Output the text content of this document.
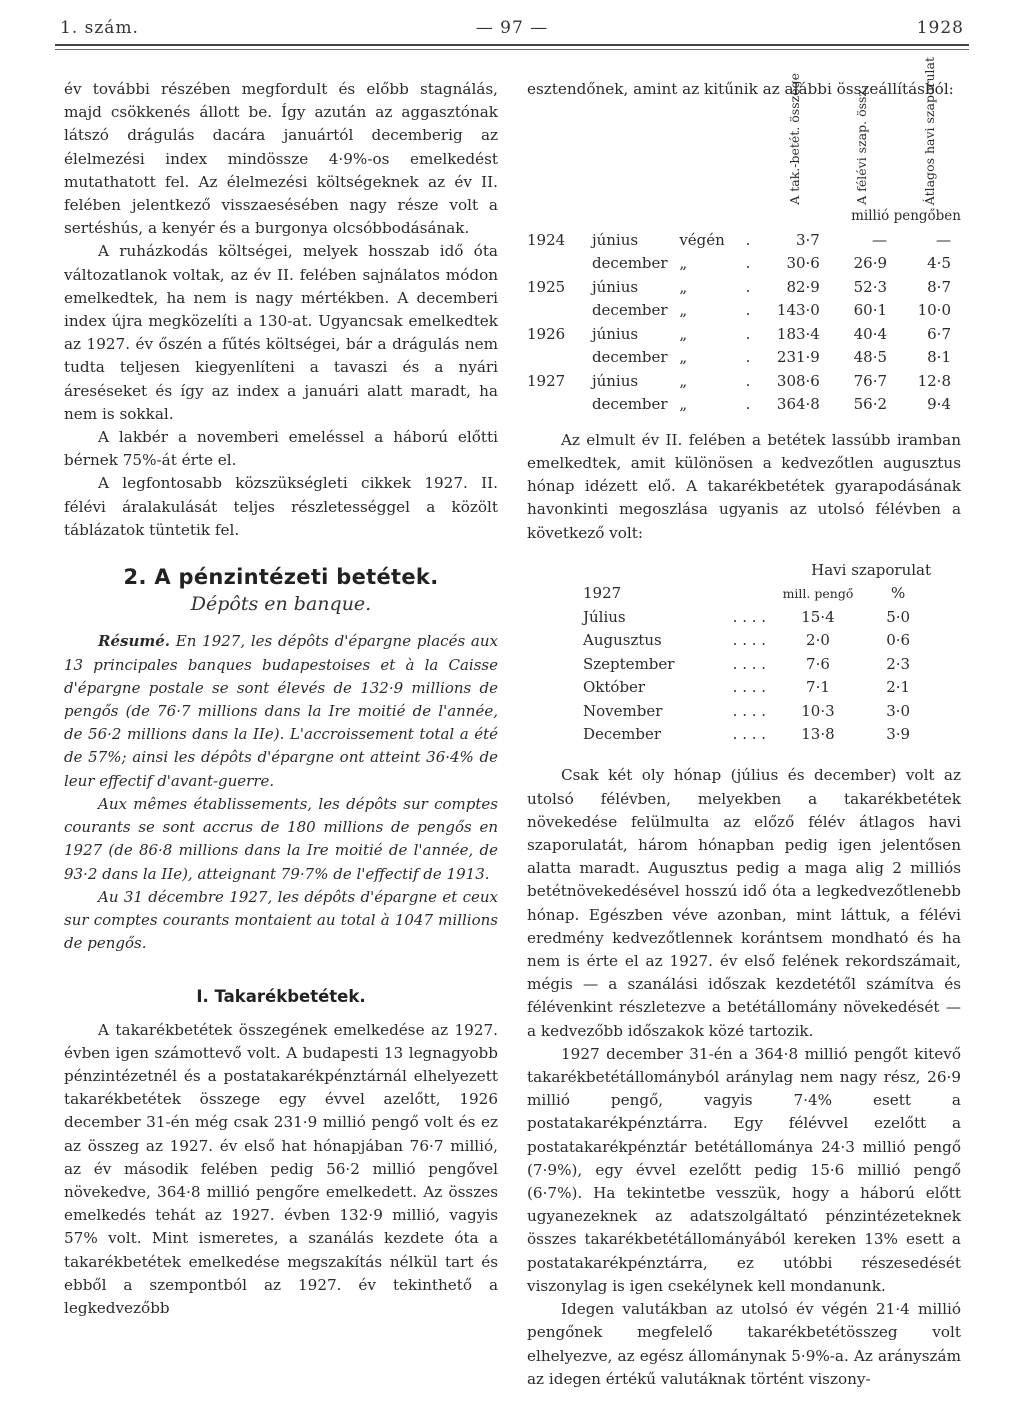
1. szám.	— 97 —	1928

év további részében megfordult és előbb stagnálás, majd csökkenés állott be. Így azután az aggasztónak látszó drágulás dacára januártól decemberig az élelmezési index mindössze 4·9%-os emelkedést mutathatott fel. Az élelmezési költségeknek az év II. felében jelentkező visszaesésében nagy része volt a sertéshús, a kenyér és a burgonya olcsóbbodásának.

A ruházkodás költségei, melyek hosszab idő óta változatlanok voltak, az év II. felében sajnálatos módon emelkedtek, ha nem is nagy mértékben. A decemberi index újra megközelíti a 130-at. Ugyancsak emelkedtek az 1927. év őszén a fűtés költségei, bár a drágulás nem tudta teljesen kiegyenlíteni a tavaszi és a nyári áreséseket és így az index a januári alatt maradt, ha nem is sokkal.

A lakbér a novemberi emeléssel a háború előtti bérnek 75%-át érte el.

A legfontosabb közszükségleti cikkek 1927. II. félévi áralakulását teljes részletességgel a közölt táblázatok tüntetik fel.

2. A pénzintézeti betétek.
Dépôts en banque.

Résumé. En 1927, les dépôts d'épargne placés aux 13 principales banques budapestoises et à la Caisse d'épargne postale se sont élevés de 132·9 millions de pengős (de 76·7 millions dans la Ire moitié de l'année, de 56·2 millions dans la IIe). L'accroissement total a été de 57%; ainsi les dépôts d'épargne ont atteint 36·4% de leur effectif d'avant-guerre.

Aux mêmes établissements, les dépôts sur comptes courants se sont accrus de 180 millions de pengős en 1927 (de 86·8 millions dans la Ire moitié de l'année, de 93·2 dans la IIe), atteignant 79·7% de l'effectif de 1913.

Au 31 décembre 1927, les dépôts d'épargne et ceux sur comptes courants montaient au total à 1047 millions de pengős.

I. Takarékbetétek.

A takarékbetétek összegének emelkedése az 1927. évben igen számottevő volt. A budapesti 13 legnagyobb pénzintézetnél és a postatakarékpénztárnál elhelyezett takarékbetétek összege egy évvel azelőtt, 1926 december 31-én még csak 231·9 millió pengő volt és ez az összeg az 1927. év első hat hónapjában 76·7 millió, az év második felében pedig 56·2 millió pengővel növekedve, 364·8 millió pengőre emelkedett. Az összes emelkedés tehát az 1927. évben 132·9 millió, vagyis 57% volt. Mint ismeretes, a szanálás kezdete óta a takarékbetétek emelkedése megszakítás nélkül tart és ebből a szempontból az 1927. év tekinthető a legkedvezőbb

esztendőnek, amint az kitűnik az alábbi összeállításból:

				A tak.-betét. összege	A félévi szap. össz.	Átlagos havi szaporulat

millió pengőben						
1924	június	végén	.	3·7	—	—
	december	„	.	30·6	26·9	4·5
1925	június	„	.	82·9	52·3	8·7
	december	„	.	143·0	60·1	10·0
1926	június	„	.	183·4	40·4	6·7
	december	„	.	231·9	48·5	8·1
1927	június	„	.	308·6	76·7	12·8
	december	„	.	364·8	56·2	9·4

Az elmult év II. felében a betétek lassúbb iramban emelkedtek, amit különösen a kedvezőtlen augusztus hónap idézett elő. A takarékbetétek gyarapodásának havonkinti megoszlása ugyanis az utolsó félévben a következő volt:

Havi szaporulat
1927		mill. pengő	%
Július	. . . .	15·4	5·0
Augusztus	. . . .	2·0	0·6
Szeptember	. . . .	7·6	2·3
Október	. . . .	7·1	2·1
November	. . . .	10·3	3·0
December	. . . .	13·8	3·9

Csak két oly hónap (július és december) volt az utolsó félévben, melyekben a takarékbetétek növekedése felülmulta az előző félév átlagos havi szaporulatát, három hónapban pedig igen jelentősen alatta maradt. Augusztus pedig a maga alig 2 milliós betétnövekedésével hosszú idő óta a legkedvezőtlenebb hónap. Egészben véve azonban, mint láttuk, a félévi eredmény kedvezőtlennek korántsem mondható és ha nem is érte el az 1927. év első felének rekordszámait, mégis — a szanálási időszak kezdetétől számítva és félévenkint részletezve a betétállomány növekedését — a kedvezőbb időszakok közé tartozik.

1927 december 31-én a 364·8 millió pengőt kitevő takarékbetétállományból aránylag nem nagy rész, 26·9 millió pengő, vagyis 7·4% esett a postatakarékpénztárra. Egy félévvel ezelőtt a postatakarékpénztár betétállománya 24·3 millió pengő (7·9%), egy évvel ezelőtt pedig 15·6 millió pengő (6·7%). Ha tekintetbe vesszük, hogy a háború előtt ugyanezeknek az adatszolgáltató pénzintézeteknek összes takarékbetétállományából kereken 13% esett a postatakarékpénztárra, ez utóbbi részesedését viszonylag is igen csekélynek kell mondanunk.

Idegen valutákban az utolsó év végén 21·4 millió pengőnek megfelelő takarékbetétösszeg volt elhelyezve, az egész állománynak 5·9%-a. Az arányszám az idegen értékű valutáknak történt viszony-
